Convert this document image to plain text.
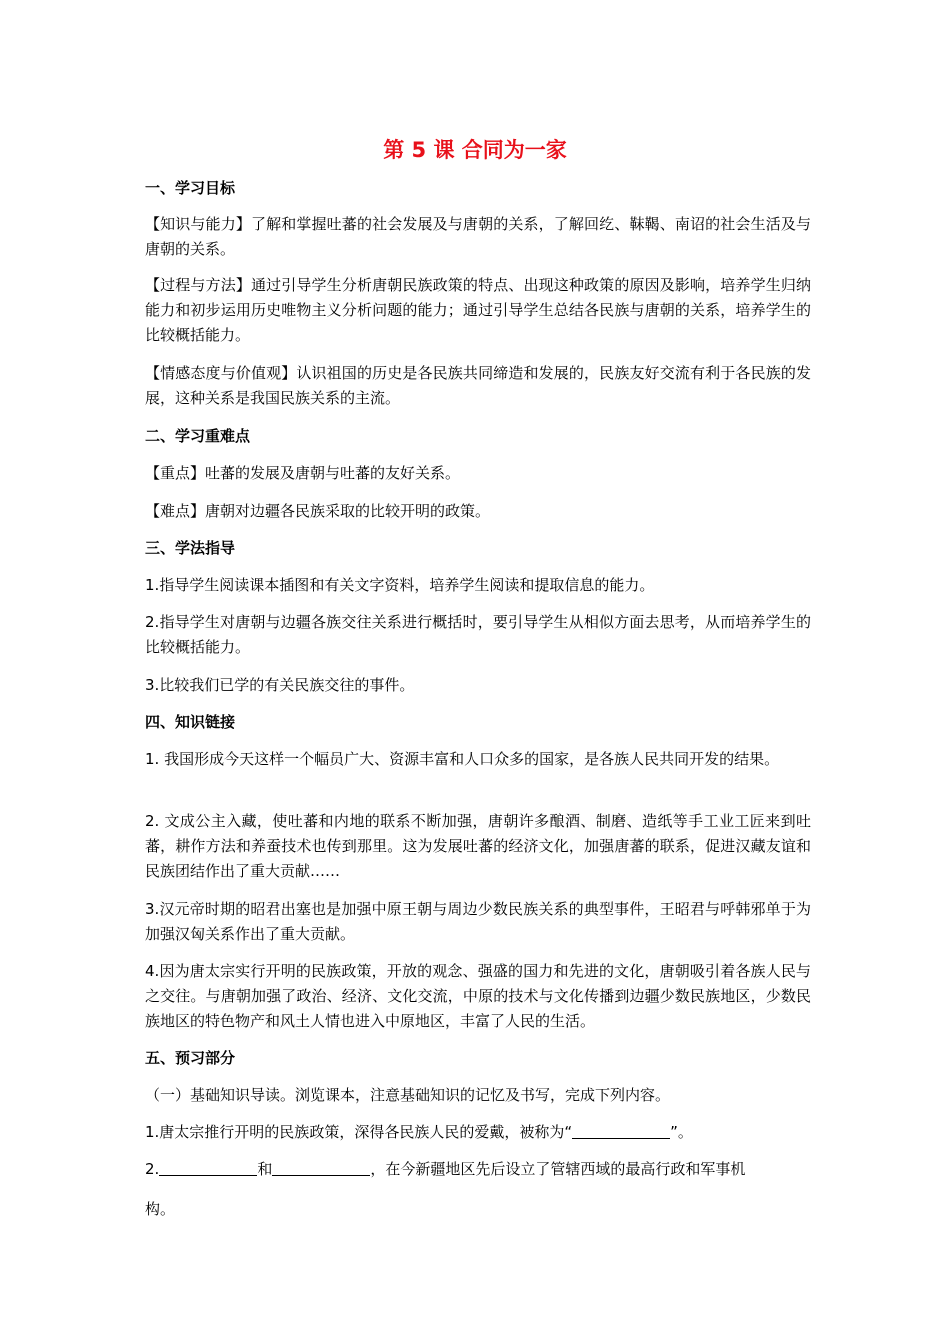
第 5 课 合同为一家
一、学习目标
【知识与能力】了解和掌握吐蕃的社会发展及与唐朝的关系，了解回纥、靺鞨、南诏的社会生活及与唐朝的关系。
【过程与方法】通过引导学生分析唐朝民族政策的特点、出现这种政策的原因及影响，培养学生归纳能力和初步运用历史唯物主义分析问题的能力；通过引导学生总结各民族与唐朝的关系，培养学生的比较概括能力。
【情感态度与价值观】认识祖国的历史是各民族共同缔造和发展的，民族友好交流有利于各民族的发展，这种关系是我国民族关系的主流。
二、学习重难点
【重点】吐蕃的发展及唐朝与吐蕃的友好关系。
【难点】唐朝对边疆各民族采取的比较开明的政策。
三、学法指导
1.指导学生阅读课本插图和有关文字资料，培养学生阅读和提取信息的能力。
2.指导学生对唐朝与边疆各族交往关系进行概括时，要引导学生从相似方面去思考，从而培养学生的比较概括能力。
3.比较我们已学的有关民族交往的事件。
四、知识链接
1. 我国形成今天这样一个幅员广大、资源丰富和人口众多的国家，是各族人民共同开发的结果。
2. 文成公主入藏，使吐蕃和内地的联系不断加强，唐朝许多酿酒、制磨、造纸等手工业工匠来到吐蕃，耕作方法和养蚕技术也传到那里。这为发展吐蕃的经济文化，加强唐蕃的联系，促进汉藏友谊和民族团结作出了重大贡献……
3.汉元帝时期的昭君出塞也是加强中原王朝与周边少数民族关系的典型事件，王昭君与呼韩邪单于为加强汉匈关系作出了重大贡献。
4.因为唐太宗实行开明的民族政策，开放的观念、强盛的国力和先进的文化，唐朝吸引着各族人民与之交往。与唐朝加强了政治、经济、文化交流，中原的技术与文化传播到边疆少数民族地区，少数民族地区的特色物产和风土人情也进入中原地区，丰富了人民的生活。
五、预习部分
（一）基础知识导读。浏览课本，注意基础知识的记忆及书写，完成下列内容。
1.唐太宗推行开明的民族政策，深得各民族人民的爱戴，被称为“	”。
2.	和	，在今新疆地区先后设立了管辖西域的最高行政和军事机
构。
